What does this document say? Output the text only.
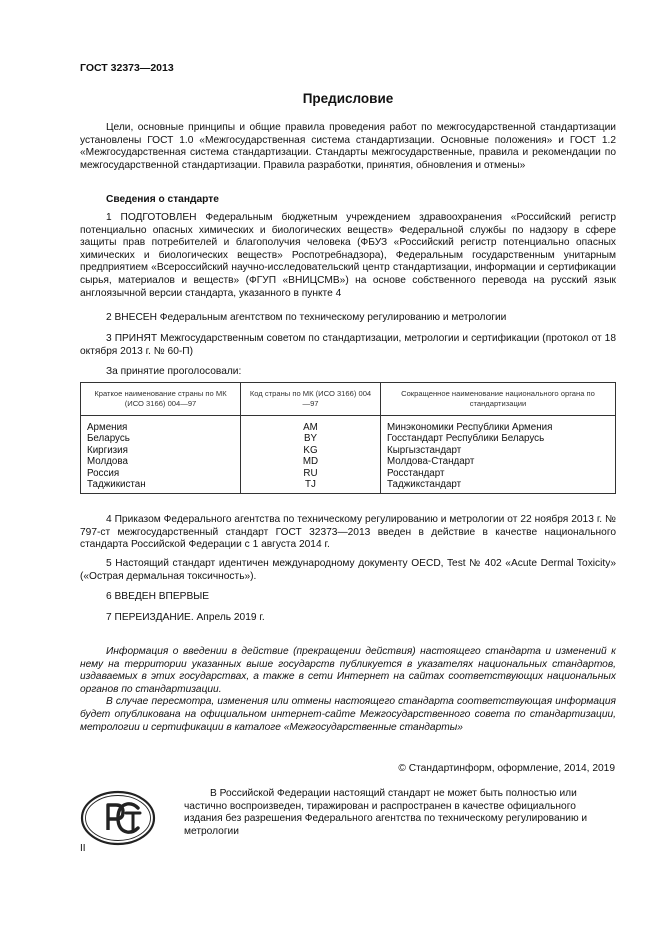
ГОСТ 32373—2013
Предисловие

Цели, основные принципы и общие правила проведения работ по межгосударственной стандартизации установлены ГОСТ 1.0 «Межгосударственная система стандартизации. Основные положения» и ГОСТ 1.2 «Межгосударственная система стандартизации. Стандарты межгосударственные, правила и рекомендации по межгосударственной стандартизации. Правила разработки, принятия, обновления и отмены»

Сведения о стандарте

1 ПОДГОТОВЛЕН Федеральным бюджетным учреждением здравоохранения «Российский регистр потенциально опасных химических и биологических веществ» Федеральной службы по надзору в сфере защиты прав потребителей и благополучия человека (ФБУЗ «Российский регистр потенциально опасных химических и биологических веществ» Роспотребнадзора), Федеральным государственным унитарным предприятием «Всероссийский научно-исследовательский центр стандартизации, информации и сертификации сырья, материалов и веществ» (ФГУП «ВНИЦСМВ») на основе собственного перевода на русский язык англоязычной версии стандарта, указанного в пункте 4

2 ВНЕСЕН Федеральным агентством по техническому регулированию и метрологии

3 ПРИНЯТ Межгосударственным советом по стандартизации, метрологии и сертификации (протокол от 18 октября 2013 г. № 60-П)

За принятие проголосовали:

Краткое наименование страны по МК (ИСО 3166) 004—97	Код страны по МК (ИСО 3166) 004—97	Сокращенное наименование национального органа по стандартизации
Армения	AM	Минэкономики Республики Армения
Беларусь	BY	Госстандарт Республики Беларусь
Киргизия	KG	Кыргызстандарт
Молдова	MD	Молдова-Стандарт
Россия	RU	Росстандарт
Таджикистан	TJ	Таджикстандарт

4 Приказом Федерального агентства по техническому регулированию и метрологии от 22 ноября 2013 г. № 797-ст межгосударственный стандарт ГОСТ 32373—2013 введен в действие в качестве национального стандарта Российской Федерации с 1 августа 2014 г.

5 Настоящий стандарт идентичен международному документу OECD, Test № 402 «Acute Dermal Toxicity» («Острая дермальная токсичность»).

6 ВВЕДЕН ВПЕРВЫЕ

7 ПЕРЕИЗДАНИЕ. Апрель 2019 г.

Информация о введении в действие (прекращении действия) настоящего стандарта и изменений к нему на территории указанных выше государств публикуется в указателях национальных стандартов, издаваемых в этих государствах, а также в сети Интернет на сайтах соответствующих национальных органов по стандартизации.

В случае пересмотра, изменения или отмены настоящего стандарта соответствующая информация будет опубликована на официальном интернет-сайте Межгосударственного совета по стандартизации, метрологии и сертификации в каталоге «Межгосударственные стандарты»

© Стандартинформ, оформление, 2014, 2019

В Российской Федерации настоящий стандарт не может быть полностью или частично воспроизведен, тиражирован и распространен в качестве официального издания без разрешения Федерального агентства по техническому регулированию и метрологии

II
